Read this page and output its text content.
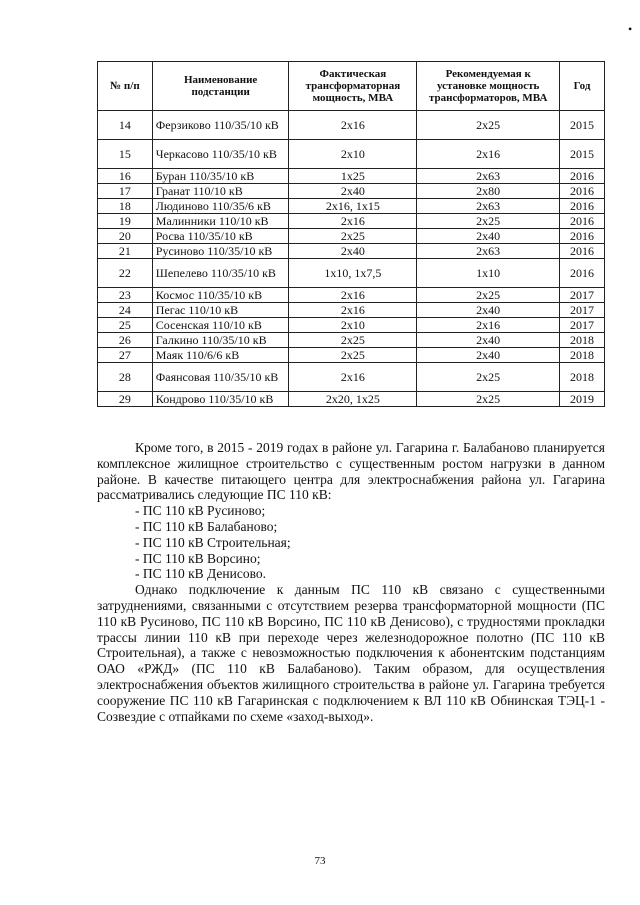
•
№ п/п	Наименование подстанции	Фактическая трансформаторная мощность, МВА	Рекомендуемая к установке мощность трансформаторов, МВА	Год
14	Ферзиково 110/35/10 кВ	2х16	2х25	2015
15	Черкасово 110/35/10 кВ	2х10	2х16	2015
16	Буран 110/35/10 кВ	1х25	2х63	2016
17	Гранат 110/10 кВ	2х40	2х80	2016
18	Людиново 110/35/6 кВ	2х16, 1х15	2х63	2016
19	Малинники 110/10 кВ	2х16	2х25	2016
20	Росва 110/35/10 кВ	2х25	2х40	2016
21	Русиново 110/35/10 кВ	2х40	2х63	2016
22	Шепелево 110/35/10 кВ	1х10, 1х7,5	1х10	2016
23	Космос 110/35/10 кВ	2х16	2х25	2017
24	Пегас 110/10 кВ	2х16	2х40	2017
25	Сосенская 110/10 кВ	2х10	2х16	2017
26	Галкино 110/35/10 кВ	2х25	2х40	2018
27	Маяк 110/6/6 кВ	2х25	2х40	2018
28	Фаянсовая 110/35/10 кВ	2х16	2х25	2018
29	Кондрово 110/35/10 кВ	2х20, 1х25	2х25	2019

Кроме того, в 2015 - 2019 годах в районе ул. Гагарина г. Балабаново планируется комплексное жилищное строительство с существенным ростом нагрузки в данном районе. В качестве питающего центра для электроснабжения района ул. Гагарина рассматривались следующие ПС 110 кВ:

- ПС 110 кВ Русиново;
- ПС 110 кВ Балабаново;
- ПС 110 кВ Строительная;
- ПС 110 кВ Ворсино;
- ПС 110 кВ Денисово.

Однако подключение к данным ПС 110 кВ связано с существенными затруднениями, связанными с отсутствием резерва трансформаторной мощности (ПС 110 кВ Русиново, ПС 110 кВ Ворсино, ПС 110 кВ Денисово), с трудностями прокладки трассы линии 110 кВ при переходе через железнодорожное полотно (ПС 110 кВ Строительная), а также с невозможностью подключения к абонентским подстанциям ОАО «РЖД» (ПС 110 кВ Балабаново). Таким образом, для осуществления электроснабжения объектов жилищного строительства в районе ул. Гагарина требуется сооружение ПС 110 кВ Гагаринская с подключением к ВЛ 110 кВ Обнинская ТЭЦ-1 - Созвездие с отпайками по схеме «заход-выход».

73
